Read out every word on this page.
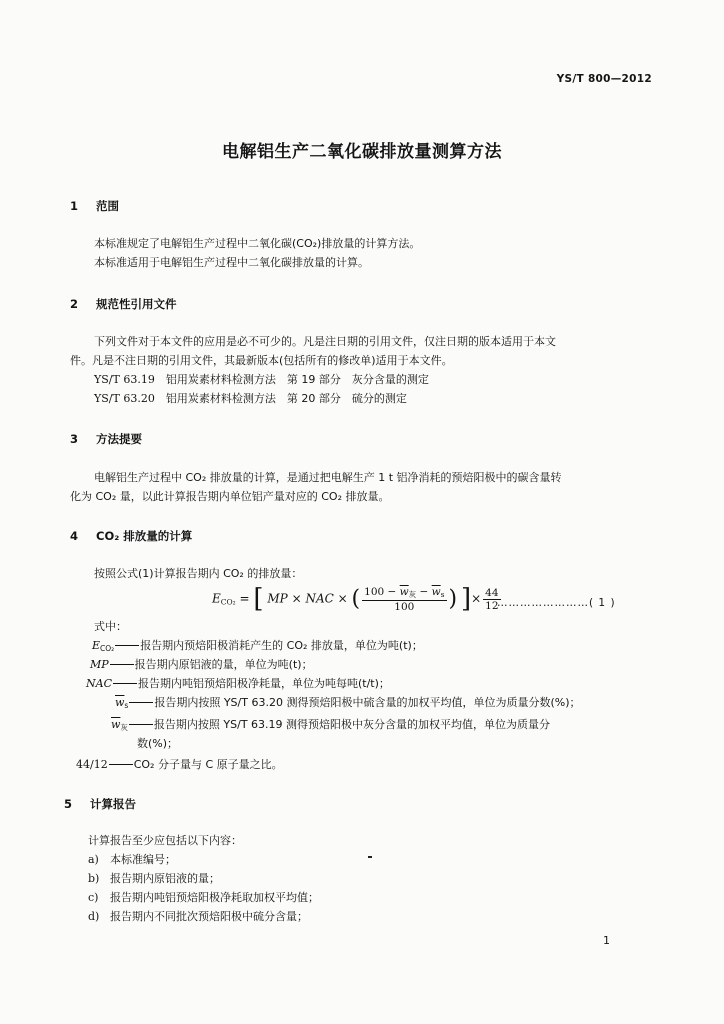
YS/T 800—2012
电解铝生产二氧化碳排放量测算方法
1 范围
本标准规定了电解铝生产过程中二氧化碳(CO₂)排放量的计算方法。
本标准适用于电解铝生产过程中二氧化碳排放量的计算。
2 规范性引用文件
下列文件对于本文件的应用是必不可少的。凡是注日期的引用文件，仅注日期的版本适用于本文
件。凡是不注日期的引用文件，其最新版本(包括所有的修改单)适用于本文件。
YS/T 63.19　 铝用炭素材料检测方法　第 19 部分　灰分含量的测定
YS/T 63.20　 铝用炭素材料检测方法　第 20 部分　硫分的测定
3 方法提要
电解铝生产过程中 CO₂ 排放量的计算，是通过把电解生产 1 t 铝净消耗的预焙阳极中的碳含量转
化为 CO₂ 量，以此计算报告期内单位铝产量对应的 CO₂ 排放量。
4 CO₂ 排放量的计算
按照公式(1)计算报告期内 CO₂ 的排放量：
$E_{CO_2}$ = [ MP × NAC × ( $\frac{100 - \overline{w}_灰 - \overline{w}_s}{100}$ ) ]× $\frac{44}{12}$
……………………( 1 )
式中：
$E_{CO_2}$ 报告期内预焙阳极消耗产生的 CO₂ 排放量，单位为吨(t)；
MP 报告期内原铝液的量，单位为吨(t)；
NAC 报告期内吨铝预焙阳极净耗量，单位为吨每吨(t/t)；
$\overline{w}_s$ 报告期内按照 YS/T 63.20 测得预焙阳极中硫含量的加权平均值，单位为质量分数(%)；
$\overline{w}_灰$ 报告期内按照 YS/T 63.19 测得预焙阳极中灰分含量的加权平均值，单位为质量分
数(%)；
44/12 CO₂ 分子量与 C 原子量之比。
5 计算报告
计算报告至少应包括以下内容：
a) 本标准编号；
b) 报告期内原铝液的量；
c) 报告期内吨铝预焙阳极净耗取加权平均值；
d) 报告期内不同批次预焙阳极中硫分含量；
1
